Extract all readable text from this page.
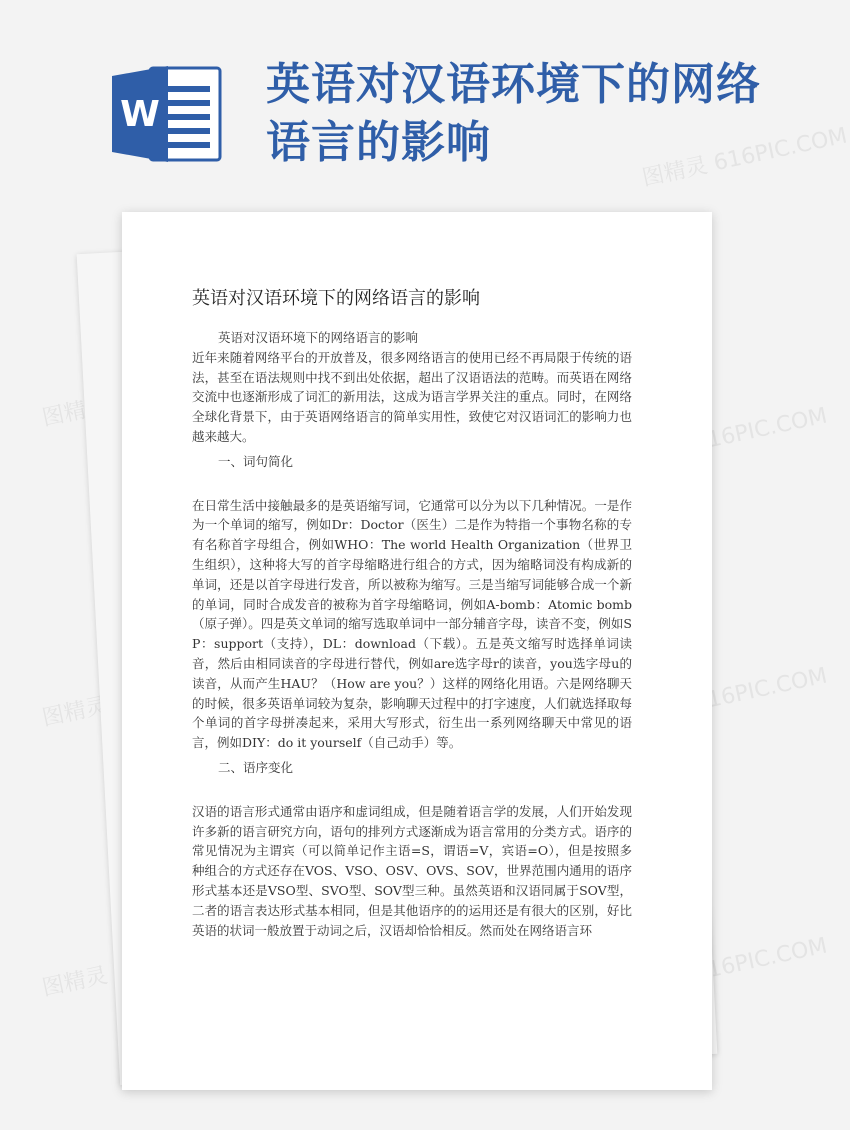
W
英语对汉语环境下的网络语言的影响	图精灵 616PIC.COM
图精灵	图精灵 616PIC.COM
图精灵	图精灵 616PIC.COM
图精灵	图精灵 616PIC.COM
英语对汉语环境下的网络语言的影响

英语对汉语环境下的网络语言的影响

近年来随着网络平台的开放普及，很多网络语言的使用已经不再局限于传统的语法，甚至在语法规则中找不到出处依据，超出了汉语语法的范畴。而英语在网络交流中也逐渐形成了词汇的新用法，这成为语言学界关注的重点。同时，在网络全球化背景下，由于英语网络语言的简单实用性，致使它对汉语词汇的影响力也越来越大。

一、词句简化

在日常生活中接触最多的是英语缩写词，它通常可以分为以下几种情况。一是作为一个单词的缩写，例如Dr：Doctor（医生）二是作为特指一个事物名称的专有名称首字母组合，例如WHO：The world Health Organization（世界卫生组织），这种将大写的首字母缩略进行组合的方式，因为缩略词没有构成新的单词，还是以首字母进行发音，所以被称为缩写。三是当缩写词能够合成一个新的单词，同时合成发音的被称为首字母缩略词，例如A-bomb：Atomic bomb（原子弹）。四是英文单词的缩写选取单词中一部分辅音字母，读音不变，例如SP：support（支持），DL：download（下载）。五是英文缩写时选择单词读音，然后由相同读音的字母进行替代，例如are选字母r的读音，you选字母u的读音，从而产生HAU？（How are you？）这样的网络化用语。六是网络聊天的时候，很多英语单词较为复杂，影响聊天过程中的打字速度，人们就选择取每个单词的首字母拼凑起来，采用大写形式，衍生出一系列网络聊天中常见的语言，例如DIY：do it yourself（自己动手）等。

二、语序变化

汉语的语言形式通常由语序和虚词组成，但是随着语言学的发展，人们开始发现许多新的语言研究方向，语句的排列方式逐渐成为语言常用的分类方式。语序的常见情况为主谓宾（可以简单记作主语=S，谓语=V，宾语=O），但是按照多种组合的方式还存在VOS、VSO、OSV、OVS、SOV，世界范围内通用的语序形式基本还是VSO型、SVO型、SOV型三种。虽然英语和汉语同属于SOV型，二者的语言表达形式基本相同，但是其他语序的的运用还是有很大的区别，好比英语的状词一般放置于动词之后，汉语却恰恰相反。然而处在网络语言环
